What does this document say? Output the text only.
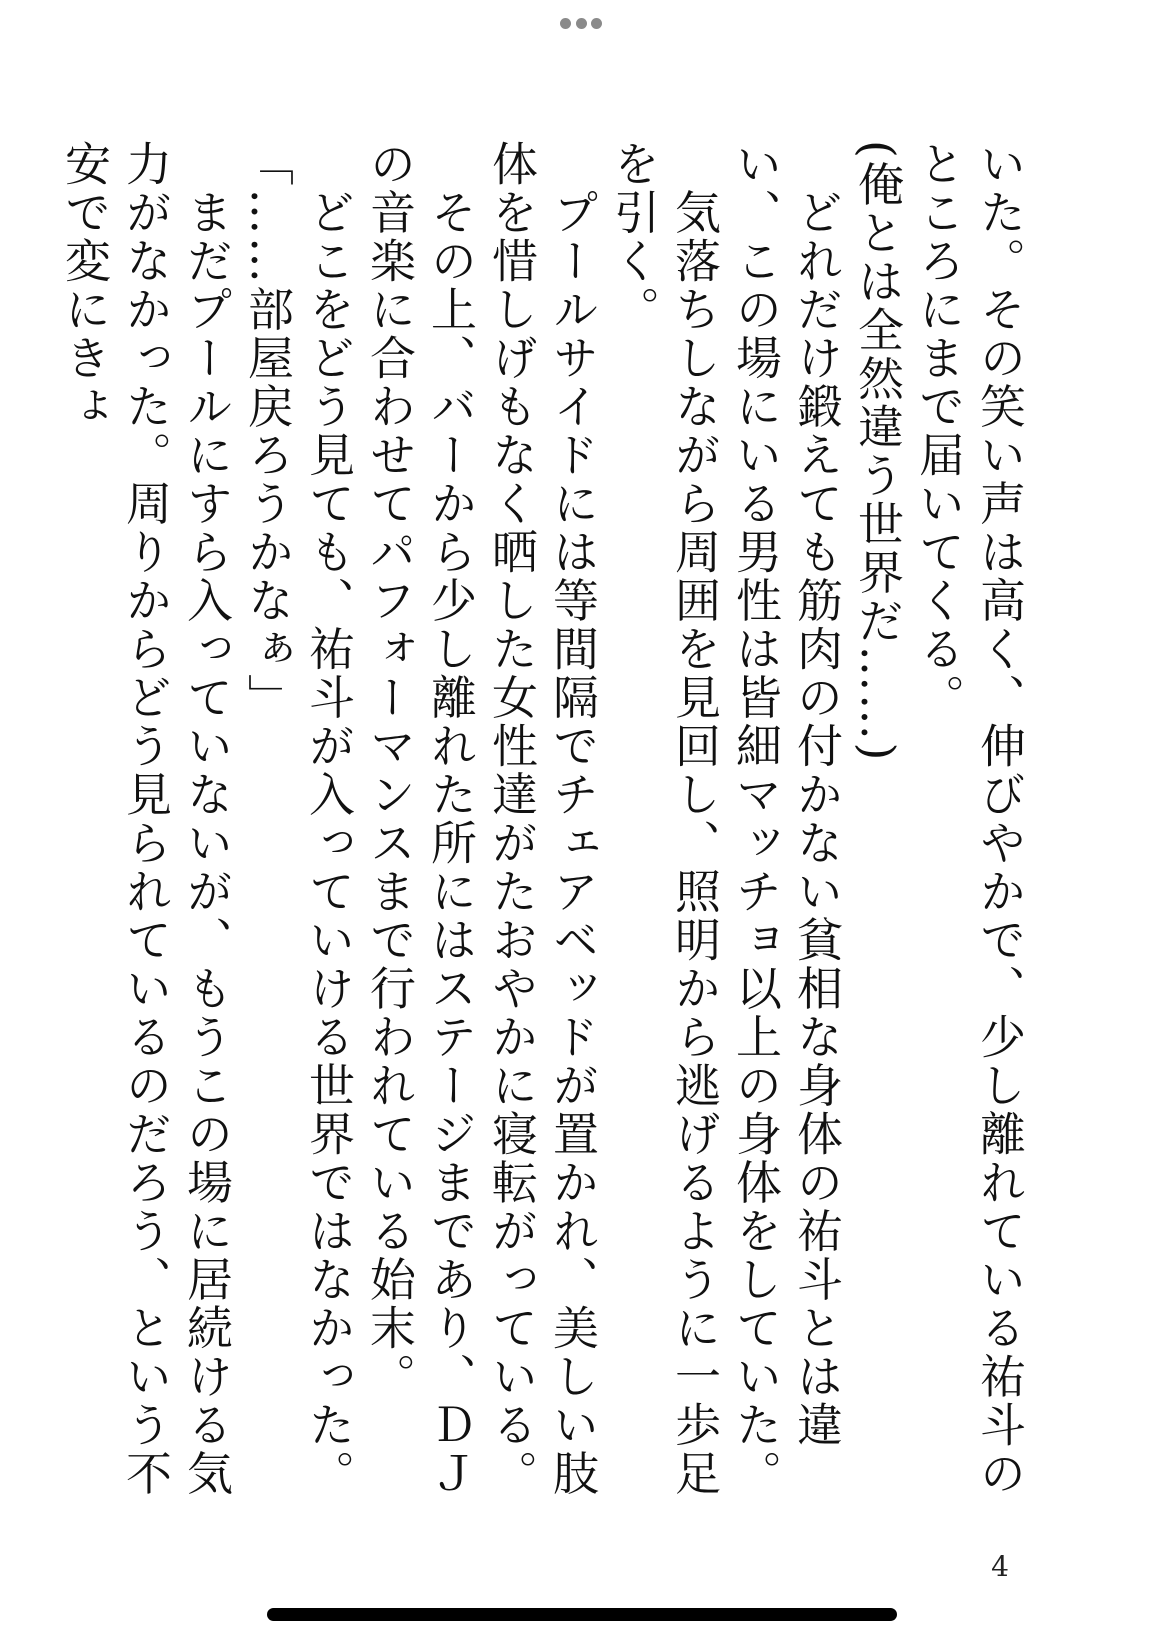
いた。その笑い声は高く、伸びやかで、少し離れている祐斗のところにまで届いてくる。

(俺とは全然違う世界だ……)

　どれだけ鍛えても筋肉の付かない貧相な身体の祐斗とは違い、この場にいる男性は皆細マッチョ以上の身体をしていた。

　気落ちしながら周囲を見回し、照明から逃げるように一歩足を引く。

　プールサイドには等間隔でチェアベッドが置かれ、美しい肢体を惜しげもなく晒した女性達がたおやかに寝転がっている。

　その上、バーから少し離れた所にはステージまであり、ＤＪの音楽に合わせてパフォーマンスまで行われている始末。

　どこをどう見ても、祐斗が入っていける世界ではなかった。

「……部屋戻ろうかなぁ」

　まだプールにすら入っていないが、もうこの場に居続ける気力がなかった。周りからどう見られているのだろう、という不安で変にきょ

4
